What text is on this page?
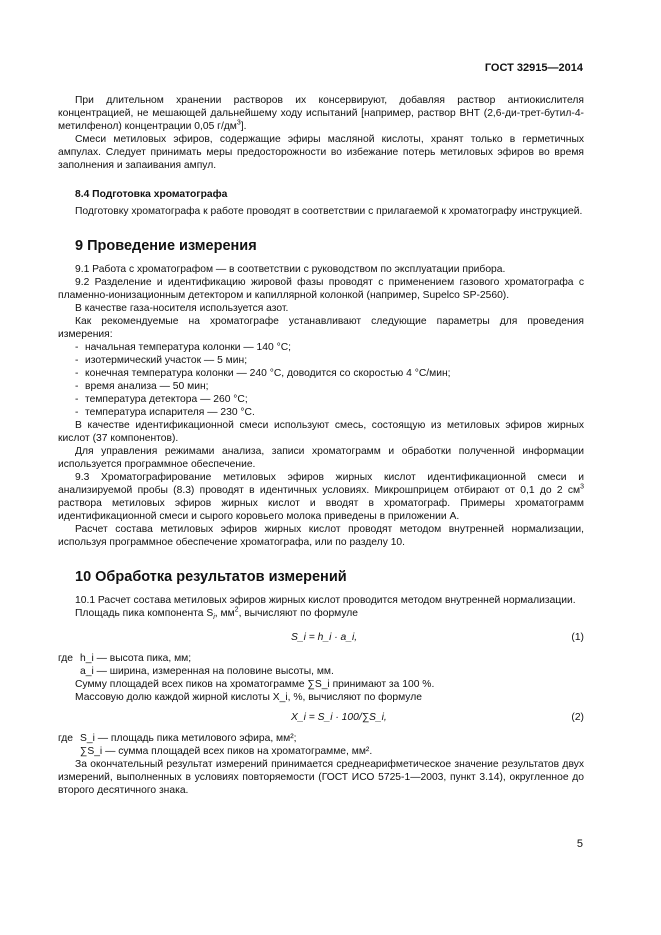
ГОСТ 32915—2014

При длительном хранении растворов их консервируют, добавляя раствор антиокислителя концентрацией, не мешающей дальнейшему ходу испытаний [например, раствор ВНТ (2,6-ди-трет-бутил-4-метилфенол) концентрации 0,05 $г/дм^3$].

Смеси метиловых эфиров, содержащие эфиры масляной кислоты, хранят только в герметичных ампулах. Следует принимать меры предосторожности во избежание потерь метиловых эфиров во время заполнения и запаивания ампул.

8.4 Подготовка хроматографа

Подготовку хроматографа к работе проводят в соответствии с прилагаемой к хроматографу инструкцией.

9 Проведение измерения

9.1 Работа с хроматографом — в соответствии с руководством по эксплуатации прибора.

9.2 Разделение и идентификацию жировой фазы проводят с применением газового хроматографа с пламенно-ионизационным детектором и капиллярной колонкой (например, Supelco SP-2560).

В качестве газа-носителя используется азот.

Как рекомендуемые на хроматографе устанавливают следующие параметры для проведения измерения:

- начальная температура колонки — 140 °С;

- изотермический участок — 5 мин;

- конечная температура колонки — 240 °С, доводится со скоростью 4 °С/мин;

- время анализа — 50 мин;

- температура детектора — 260 °С;

- температура испарителя — 230 °С.

В качестве идентификационной смеси используют смесь, состоящую из метиловых эфиров жирных кислот (37 компонентов).

Для управления режимами анализа, записи хроматограмм и обработки полученной информации используется программное обеспечение.

9.3 Хроматографирование метиловых эфиров жирных кислот идентификационной смеси и анализируемой пробы (8.3) проводят в идентичных условиях. Микрошприцем отбирают от 0,1 до 2 $см^3$ раствора метиловых эфиров жирных кислот и вводят в хроматограф. Примеры хроматограмм идентификационной смеси и сырого коровьего молока приведены в приложении А.

Расчет состава метиловых эфиров жирных кислот проводят методом внутренней нормализации, используя программное обеспечение хроматографа, или по разделу 10.

10 Обработка результатов измерений

10.1 Расчет состава метиловых эфиров жирных кислот проводится методом внутренней нормализации.

Площадь пика компонента $S_i$, $мм^2$, вычисляют по формуле

S_i = h_i · a_i,	(1)

где h_i — высота пика, мм;

a_i — ширина, измеренная на половине высоты, мм.

Сумму площадей всех пиков на хроматограмме ∑S_i принимают за 100 %.

Массовую долю каждой жирной кислоты X_i, %, вычисляют по формуле

X_i = S_i · 100/∑S_i,	(2)

где S_i — площадь пика метилового эфира, мм²;

∑S_i — сумма площадей всех пиков на хроматограмме, мм².

За окончательный результат измерений принимается среднеарифметическое значение результатов двух измерений, выполненных в условиях повторяемости (ГОСТ ИСО 5725-1—2003, пункт 3.14), округленное до второго десятичного знака.

5
